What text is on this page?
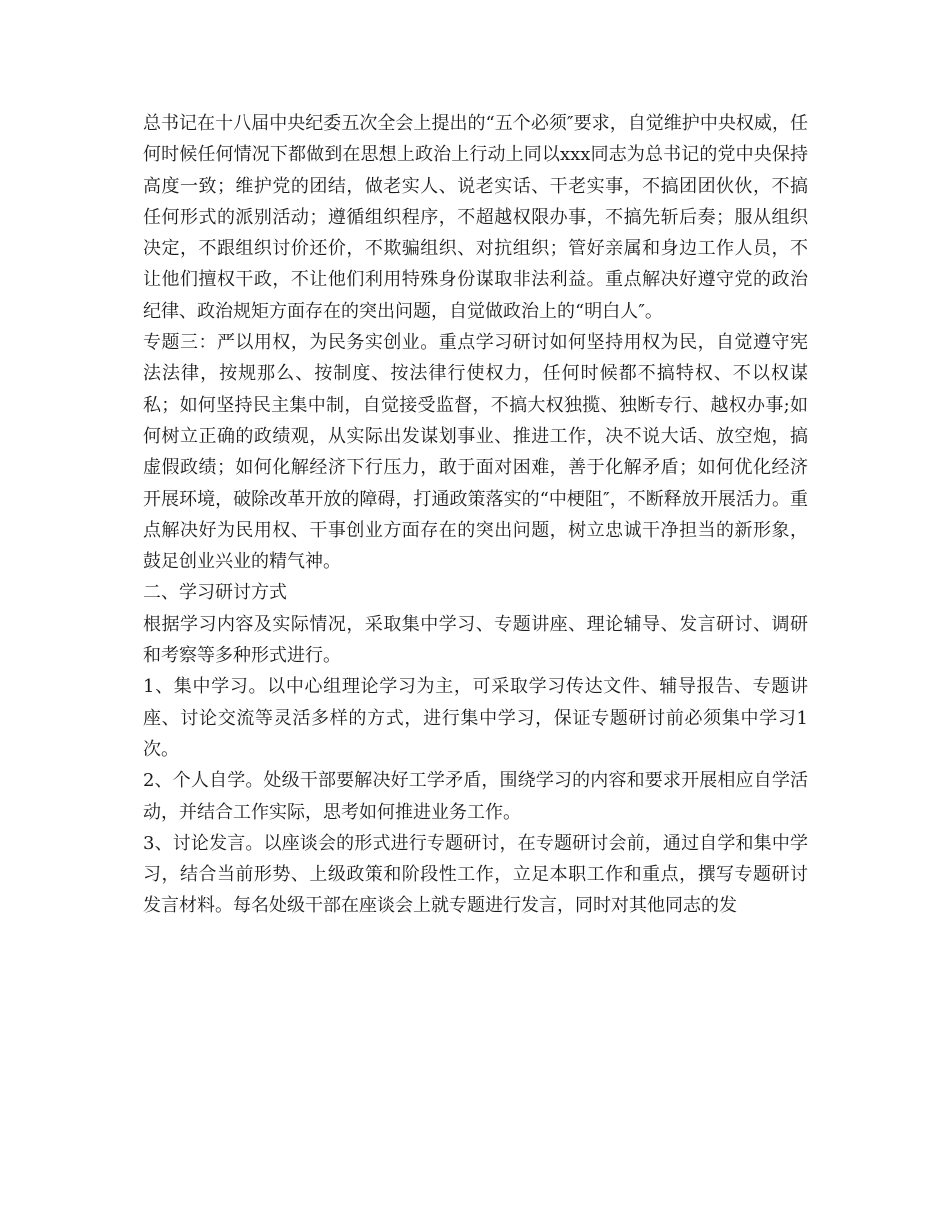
总书记在十八届中央纪委五次全会上提出的“五个必须″要求，自觉维护中央权威，任何时候任何情况下都做到在思想上政治上行动上同以xxx同志为总书记的党中央保持高度一致；维护党的团结，做老实人、说老实话、干老实事，不搞团团伙伙，不搞任何形式的派别活动；遵循组织程序，不超越权限办事，不搞先斩后奏；服从组织决定，不跟组织讨价还价，不欺骗组织、对抗组织；管好亲属和身边工作人员，不让他们擅权干政，不让他们利用特殊身份谋取非法利益。重点解决好遵守党的政治纪律、政治规矩方面存在的突出问题，自觉做政治上的“明白人″。

专题三：严以用权，为民务实创业。重点学习研讨如何坚持用权为民，自觉遵守宪法法律，按规那么、按制度、按法律行使权力，任何时候都不搞特权、不以权谋私；如何坚持民主集中制，自觉接受监督，不搞大权独揽、独断专行、越权办事;如何树立正确的政绩观，从实际出发谋划事业、推进工作，决不说大话、放空炮，搞虚假政绩；如何化解经济下行压力，敢于面对困难，善于化解矛盾；如何优化经济开展环境，破除改革开放的障碍，打通政策落实的“中梗阻″，不断释放开展活力。重点解决好为民用权、干事创业方面存在的突出问题，树立忠诚干净担当的新形象，鼓足创业兴业的精气神。

二、学习研讨方式

根据学习内容及实际情况，采取集中学习、专题讲座、理论辅导、发言研讨、调研和考察等多种形式进行。

1、集中学习。以中心组理论学习为主，可采取学习传达文件、辅导报告、专题讲座、讨论交流等灵活多样的方式，进行集中学习，保证专题研讨前必须集中学习1次。

2、个人自学。处级干部要解决好工学矛盾，围绕学习的内容和要求开展相应自学活动，并结合工作实际，思考如何推进业务工作。

3、讨论发言。以座谈会的形式进行专题研讨，在专题研讨会前，通过自学和集中学习，结合当前形势、上级政策和阶段性工作，立足本职工作和重点，撰写专题研讨发言材料。每名处级干部在座谈会上就专题进行发言，同时对其他同志的发
